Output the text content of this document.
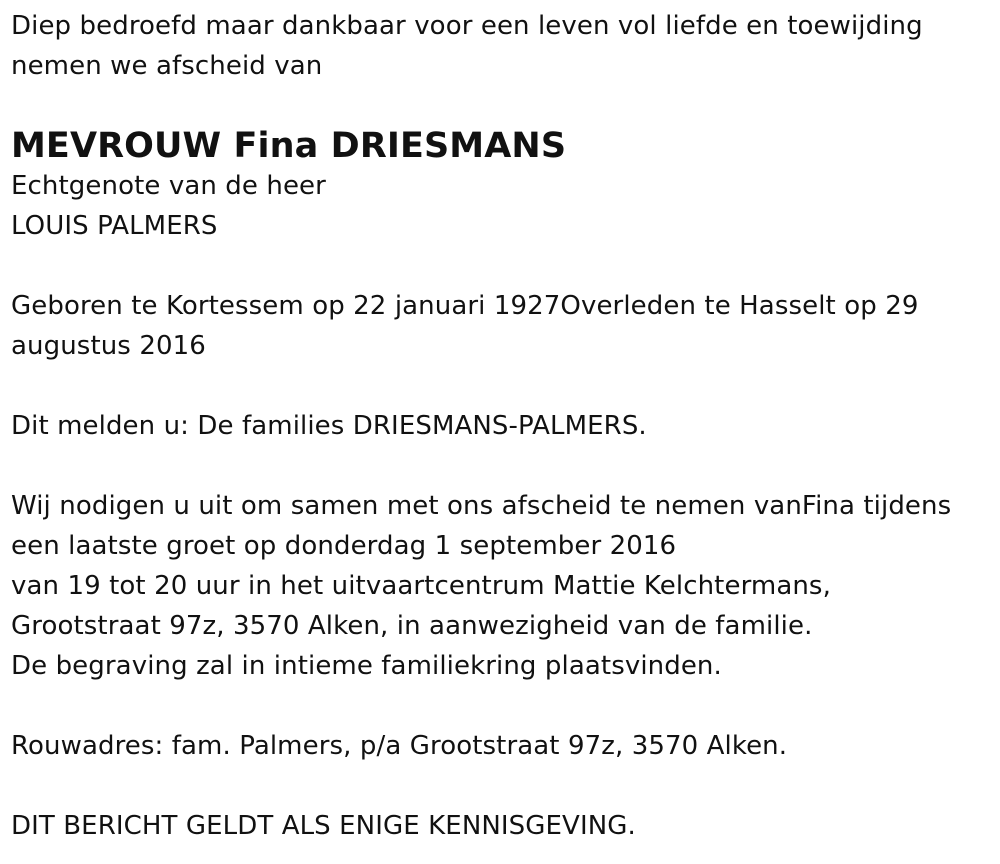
Diep bedroefd maar dankbaar voor een leven vol liefde en toewijding
nemen we afscheid van
MEVROUW Fina DRIESMANS
Echtgenote van de heer
LOUIS PALMERS
Geboren te Kortessem op 22 januari 1927Overleden te Hasselt op 29
augustus 2016
Dit melden u: De families DRIESMANS-PALMERS.
Wij nodigen u uit om samen met ons afscheid te nemen vanFina tijdens
een laatste groet op donderdag 1 september 2016
van 19 tot 20 uur in het uitvaartcentrum Mattie Kelchtermans,
Grootstraat 97z, 3570 Alken, in aanwezigheid van de familie.
De begraving zal in intieme familiekring plaatsvinden.
Rouwadres: fam. Palmers, p/a Grootstraat 97z, 3570 Alken.
DIT BERICHT GELDT ALS ENIGE KENNISGEVING.
